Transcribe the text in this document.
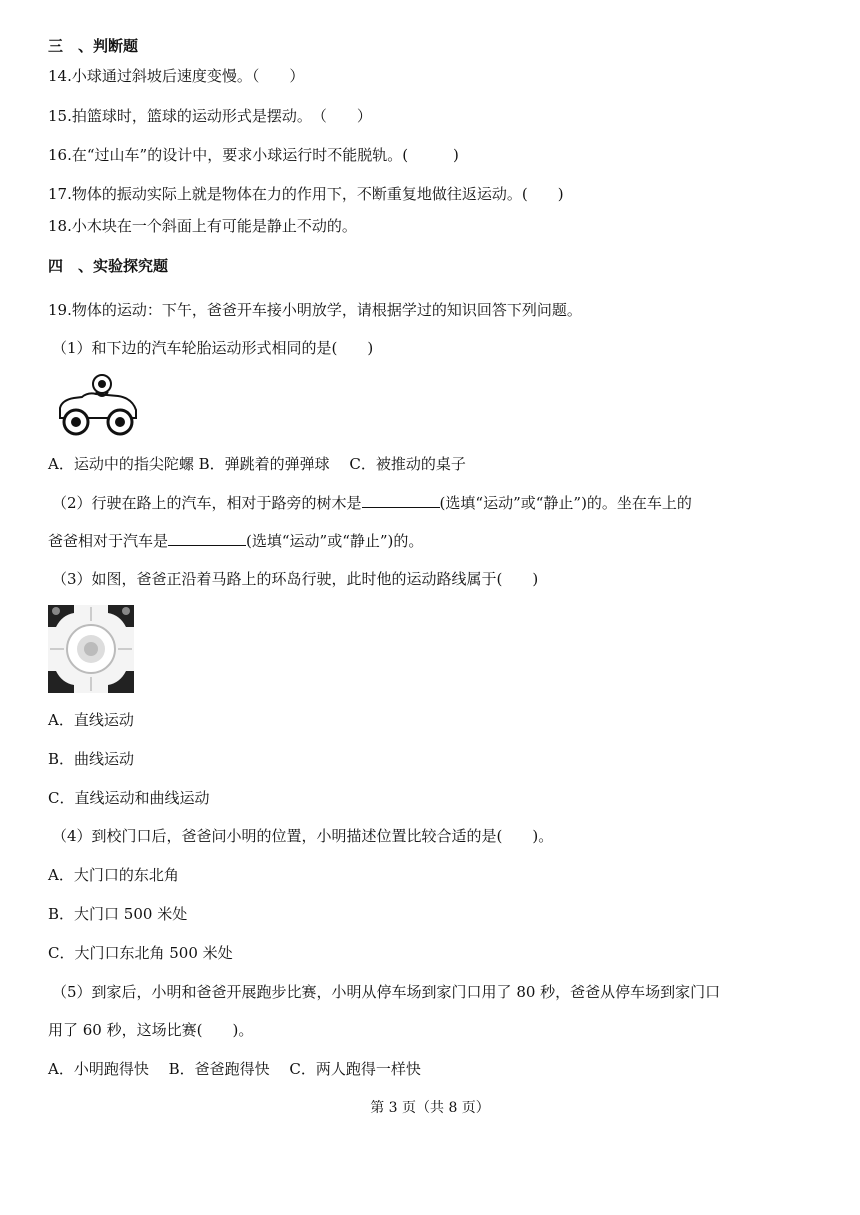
三　、判断题
14.小球通过斜坡后速度变慢。（　　）
15.拍篮球时，篮球的运动形式是摆动。　（　　）
16.在“过山车”的设计中，要求小球运行时不能脱轨。(　　　)
17.物体的振动实际上就是物体在力的作用下，不断重复地做往返运动。(　　)
18.小木块在一个斜面上有可能是静止不动的。
四　、实验探究题
19.物体的运动：下午，爸爸开车接小明放学，请根据学过的知识回答下列问题。
（1）和下边的汽车轮胎运动形式相同的是(　　)
A．运动中的指尖陀螺 B．弹跳着的弹弹球　 C．被推动的桌子
（2）行驶在路上的汽车，相对于路旁的树木是	(选填“运动”或“静止”)的。坐在车上的
爸爸相对于汽车是	(选填“运动”或“静止”)的。
（3）如图，爸爸正沿着马路上的环岛行驶，此时他的运动路线属于(　　)
A．直线运动
B．曲线运动
C．直线运动和曲线运动
（4）到校门口后，爸爸问小明的位置，小明描述位置比较合适的是(　　)。
A．大门口的东北角
B．大门口 500 米处
C．大门口东北角 500 米处
（5）到家后，小明和爸爸开展跑步比赛，小明从停车场到家门口用了 80 秒，爸爸从停车场到家门口
用了 60 秒，这场比赛(　　)。
A．小明跑得快　 B．爸爸跑得快　 C．两人跑得一样快
第 3 页（共 8 页）
